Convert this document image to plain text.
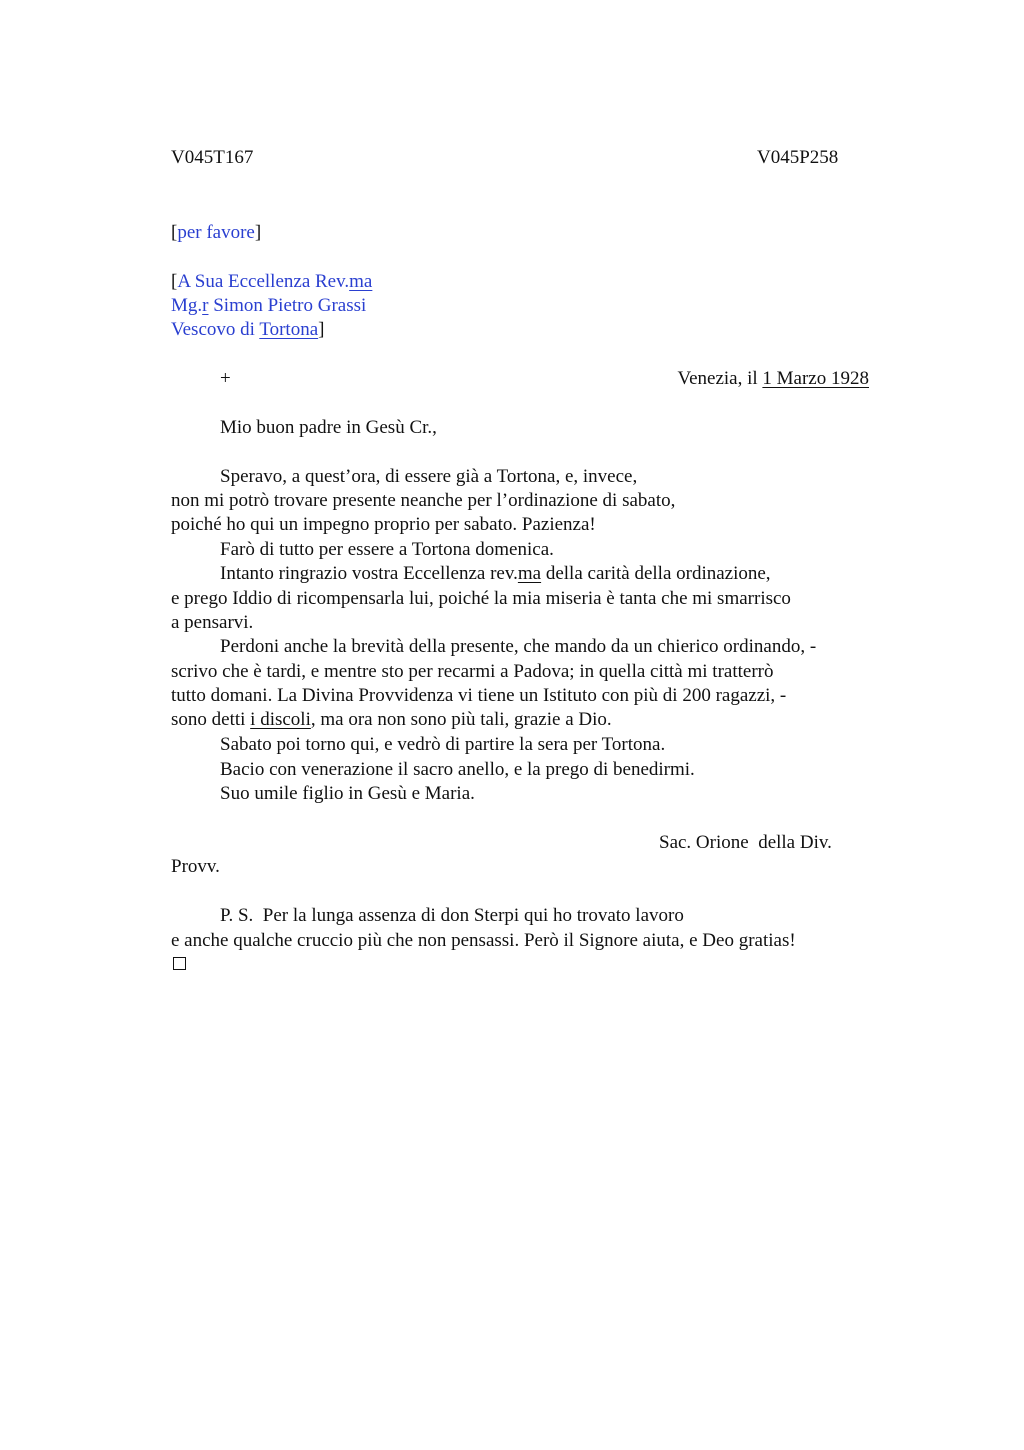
V045T167	V045P258
[per favore]
[A Sua Eccellenza Rev.ma
Mg.r Simon Pietro Grassi
Vescovo di Tortona]
+	Venezia, il 1 Marzo 1928
Mio buon padre in Gesù Cr.,
Speravo, a quest’ora, di essere già a Tortona, e, invece,
non mi potrò trovare presente neanche per l’ordinazione di sabato,
poiché ho qui un impegno proprio per sabato. Pazienza!
Farò di tutto per essere a Tortona domenica.
Intanto ringrazio vostra Eccellenza rev.ma della carità della ordinazione,
e prego Iddio di ricompensarla lui, poiché la mia miseria è tanta che mi smarrisco
a pensarvi.
Perdoni anche la brevità della presente, che mando da un chierico ordinando, -
scrivo che è tardi, e mentre sto per recarmi a Padova; in quella città mi tratterrò
tutto domani. La Divina Provvidenza vi tiene un Istituto con più di 200 ragazzi, -
sono detti i discoli, ma ora non sono più tali, grazie a Dio.
Sabato poi torno qui, e vedrò di partire la sera per Tortona.
Bacio con venerazione il sacro anello, e la prego di benedirmi.
Suo umile figlio in Gesù e Maria.
Sac. Orione  della Div.
Provv.
P. S.  Per la lunga assenza di don Sterpi qui ho trovato lavoro
e anche qualche cruccio più che non pensassi. Però il Signore aiuta, e Deo gratias!
